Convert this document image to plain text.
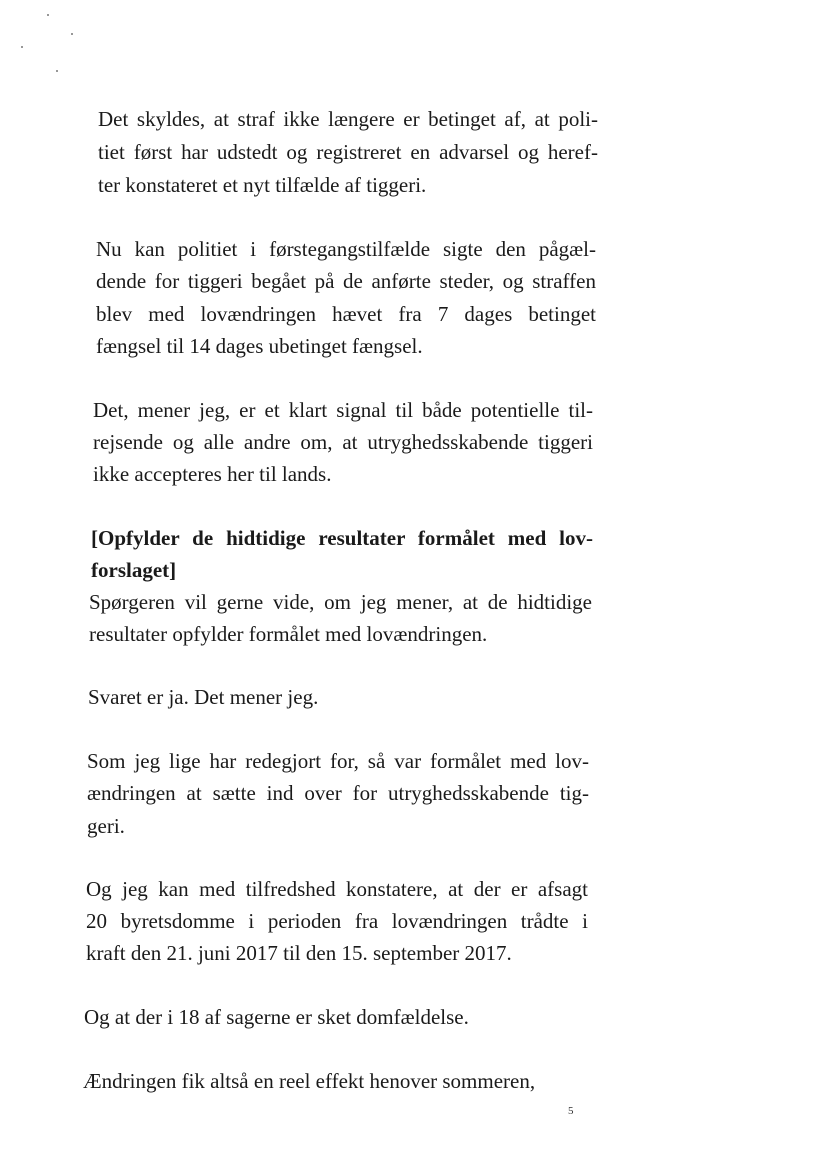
Det skyldes, at straf ikke længere er betinget af, at poli-
tiet først har udstedt og registreret en advarsel og heref-
ter konstateret et nyt tilfælde af tiggeri.
Nu kan politiet i førstegangstilfælde sigte den pågæl-
dende for tiggeri begået på de anførte steder, og straffen
blev med lovændringen hævet fra 7 dages betinget
fængsel til 14 dages ubetinget fængsel.
Det, mener jeg, er et klart signal til både potentielle til-
rejsende og alle andre om, at utryghedsskabende tiggeri
ikke accepteres her til lands.
[Opfylder de hidtidige resultater formålet med lov-
forslaget]
Spørgeren vil gerne vide, om jeg mener, at de hidtidige
resultater opfylder formålet med lovændringen.
Svaret er ja. Det mener jeg.
Som jeg lige har redegjort for, så var formålet med lov-
ændringen at sætte ind over for utryghedsskabende tig-
geri.
Og jeg kan med tilfredshed konstatere, at der er afsagt
20 byretsdomme i perioden fra lovændringen trådte i
kraft den 21. juni 2017 til den 15. september 2017.
Og at der i 18 af sagerne er sket domfældelse.
Ændringen fik altså en reel effekt henover sommeren,
5
